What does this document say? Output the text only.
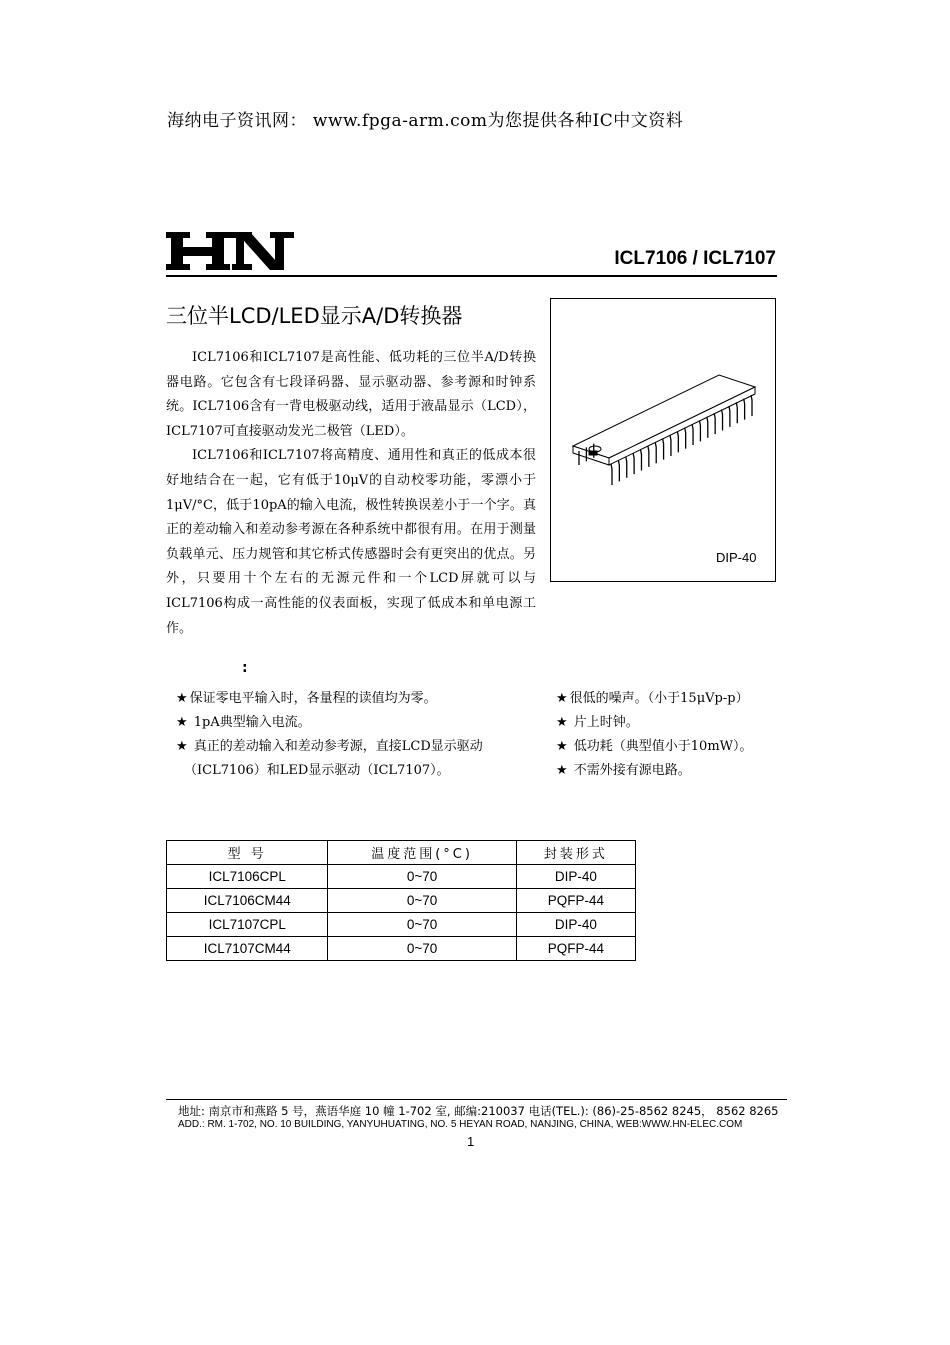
海纳电子资讯网： www.fpga-arm.com为您提供各种IC中文资料
ICL7106 / ICL7107
三位半LCD/LED显示A/D转换器

ICL7106和ICL7107是高性能、低功耗的三位半A/D转换器电路。它包含有七段译码器、显示驱动器、参考源和时钟系统。ICL7106含有一背电极驱动线，适用于液晶显示（LCD），ICL7107可直接驱动发光二极管（LED）。

ICL7106和ICL7107将高精度、通用性和真正的低成本很好地结合在一起，它有低于10μV的自动校零功能，零漂小于1μV/°C，低于10pA的输入电流，极性转换误差小于一个字。真正的差动输入和差动参考源在各种系统中都很有用。在用于测量负载单元、压力规管和其它桥式传感器时会有更突出的优点。另外，只要用十个左右的无源元件和一个LCD屏就可以与ICL7106构成一高性能的仪表面板，实现了低成本和单电源工作。

DIP-40
:
★ 保证零电平输入时，各量程的读值均为零。
★ 1pA典型输入电流。
★ 真正的差动输入和差动参考源，直接LCD显示驱动
（ICL7106）和LED显示驱动（ICL7107）。
★ 很低的噪声。（小于15μVp-p）
★ 片上时钟。
★ 低功耗（典型值小于10mW）。
★ 不需外接有源电路。
型 号	温度范围(°C)	封装形式
ICL7106CPL	0~70	DIP-40
ICL7106CM44	0~70	PQFP-44
ICL7107CPL	0~70	DIP-40
ICL7107CM44	0~70	PQFP-44
地址: 南京市和燕路 5 号，燕语华庭 10 幢 1-702 室, 邮编:210037 电话(TEL.): (86)-25-8562 8245， 8562 8265
ADD.: RM. 1-702, NO. 10 BUILDING, YANYUHUATING, NO. 5 HEYAN ROAD, NANJING, CHINA, WEB:WWW.HN-ELEC.COM
1
